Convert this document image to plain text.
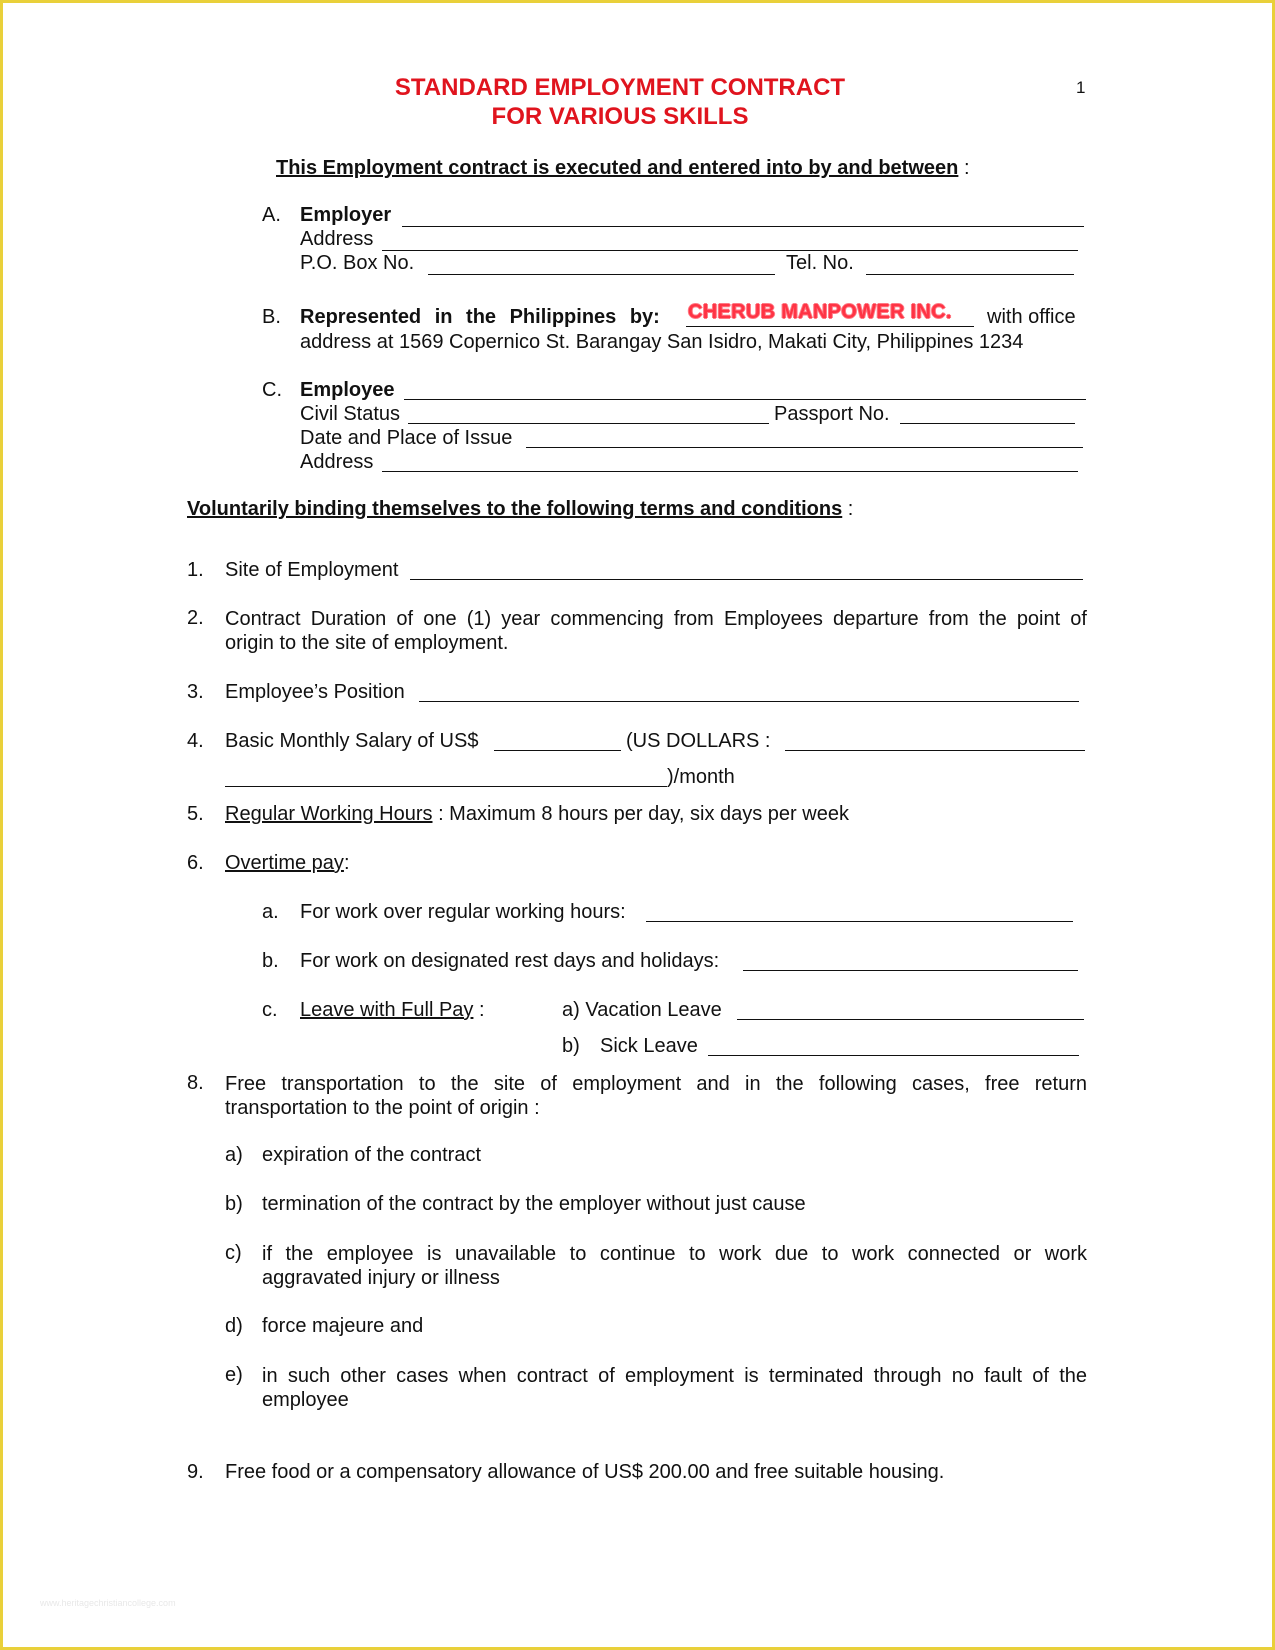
1
STANDARD EMPLOYMENT CONTRACT
FOR VARIOUS SKILLS
This Employment contract is executed and entered into by and between :
A. Employer
Address
P.O. Box No.	Tel. No.
B. Represented in the Philippines by: CHERUB MANPOWER INC. with office
address at 1569 Copernico St. Barangay San Isidro, Makati City, Philippines 1234
C. Employee
Civil Status	Passport No.
Date and Place of Issue
Address
Voluntarily binding themselves to the following terms and conditions :
1. Site of Employment
2. Contract Duration of one (1) year commencing from Employees departure from the point of
origin to the site of employment.
3. Employee’s Position
4. Basic Monthly Salary of US$	(US DOLLARS :
)/month
5. Regular Working Hours : Maximum 8 hours per day, six days per week
6. Overtime pay:
a. For work over regular working hours:
b. For work on designated rest days and holidays:
c. Leave with Full Pay :	a) Vacation Leave
b) Sick Leave
8. Free transportation to the site of employment and in the following cases, free return
transportation to the point of origin :
a) expiration of the contract
b) termination of the contract by the employer without just cause
c) if the employee is unavailable to continue to work due to work connected or work
aggravated injury or illness
d) force majeure and
e) in such other cases when contract of employment is terminated through no fault of the
employee
9. Free food or a compensatory allowance of US$ 200.00 and free suitable housing.
www.heritagechristiancollege.com
